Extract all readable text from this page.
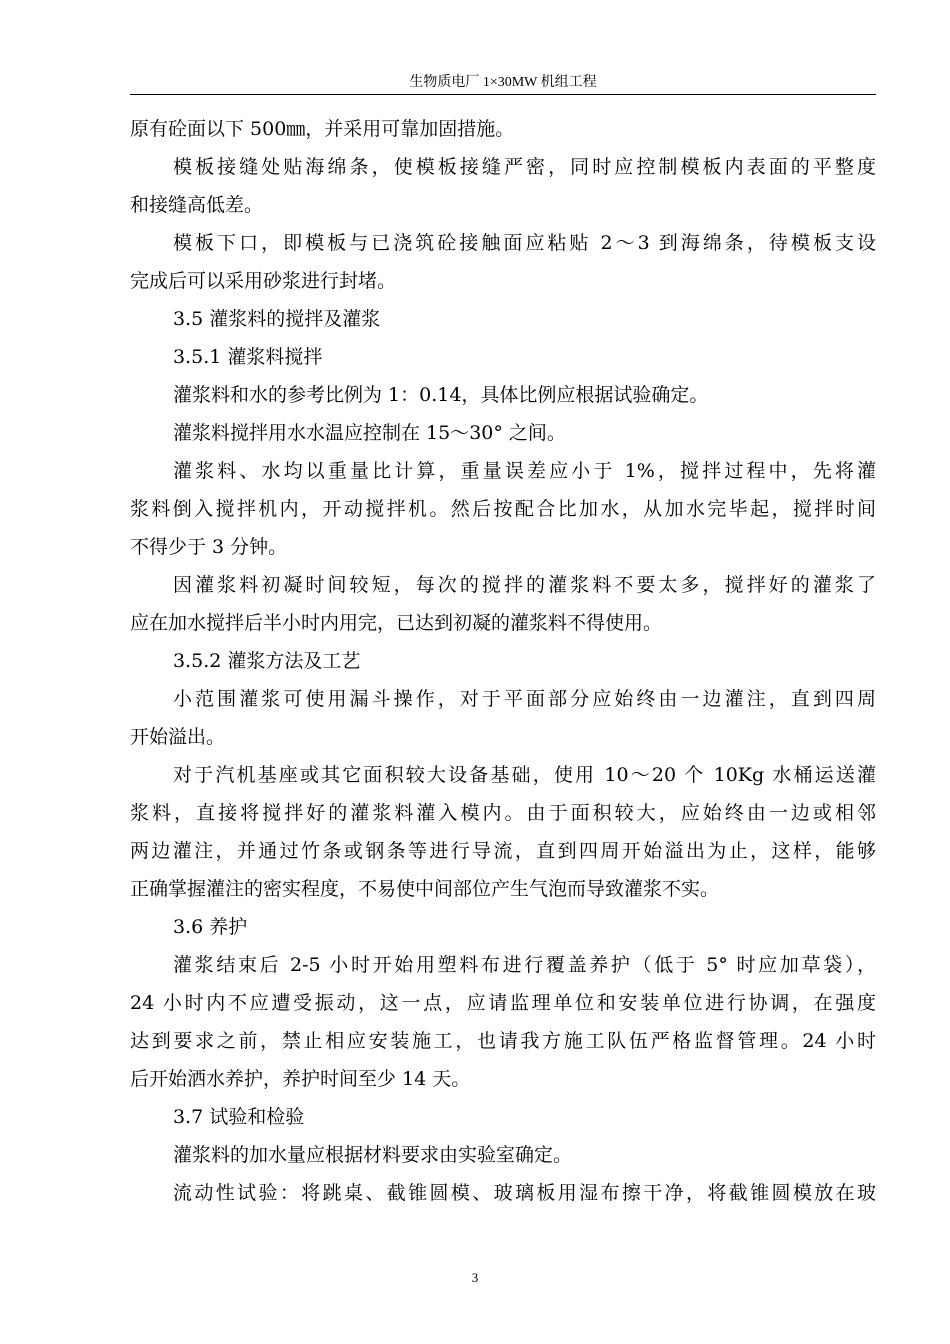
生物质电厂 1×30MW 机组工程
原有砼面以下 500㎜，并采用可靠加固措施。
模板接缝处贴海绵条，使模板接缝严密，同时应控制模板内表面的平整度
和接缝高低差。
模板下口，即模板与已浇筑砼接触面应粘贴 2～3 到海绵条，待模板支设
完成后可以采用砂浆进行封堵。
3.5 灌浆料的搅拌及灌浆
3.5.1 灌浆料搅拌
灌浆料和水的参考比例为 1：0.14，具体比例应根据试验确定。
灌浆料搅拌用水水温应控制在 15～30° 之间。
灌浆料、水均以重量比计算，重量误差应小于 1%，搅拌过程中，先将灌
浆料倒入搅拌机内，开动搅拌机。然后按配合比加水，从加水完毕起，搅拌时间
不得少于 3 分钟。
因灌浆料初凝时间较短，每次的搅拌的灌浆料不要太多，搅拌好的灌浆了
应在加水搅拌后半小时内用完，已达到初凝的灌浆料不得使用。
3.5.2 灌浆方法及工艺
小范围灌浆可使用漏斗操作，对于平面部分应始终由一边灌注，直到四周
开始溢出。
对于汽机基座或其它面积较大设备基础，使用 10～20 个 10Kg 水桶运送灌
浆料，直接将搅拌好的灌浆料灌入模内。由于面积较大，应始终由一边或相邻
两边灌注，并通过竹条或钢条等进行导流，直到四周开始溢出为止，这样，能够
正确掌握灌注的密实程度，不易使中间部位产生气泡而导致灌浆不实。
3.6 养护
灌浆结束后 2-5 小时开始用塑料布进行覆盖养护（低于 5° 时应加草袋），
24 小时内不应遭受振动，这一点，应请监理单位和安装单位进行协调，在强度
达到要求之前，禁止相应安装施工，也请我方施工队伍严格监督管理。24 小时
后开始洒水养护，养护时间至少 14 天。
3.7 试验和检验
灌浆料的加水量应根据材料要求由实验室确定。
流动性试验：将跳桌、截锥圆模、玻璃板用湿布擦干净，将截锥圆模放在玻
3
